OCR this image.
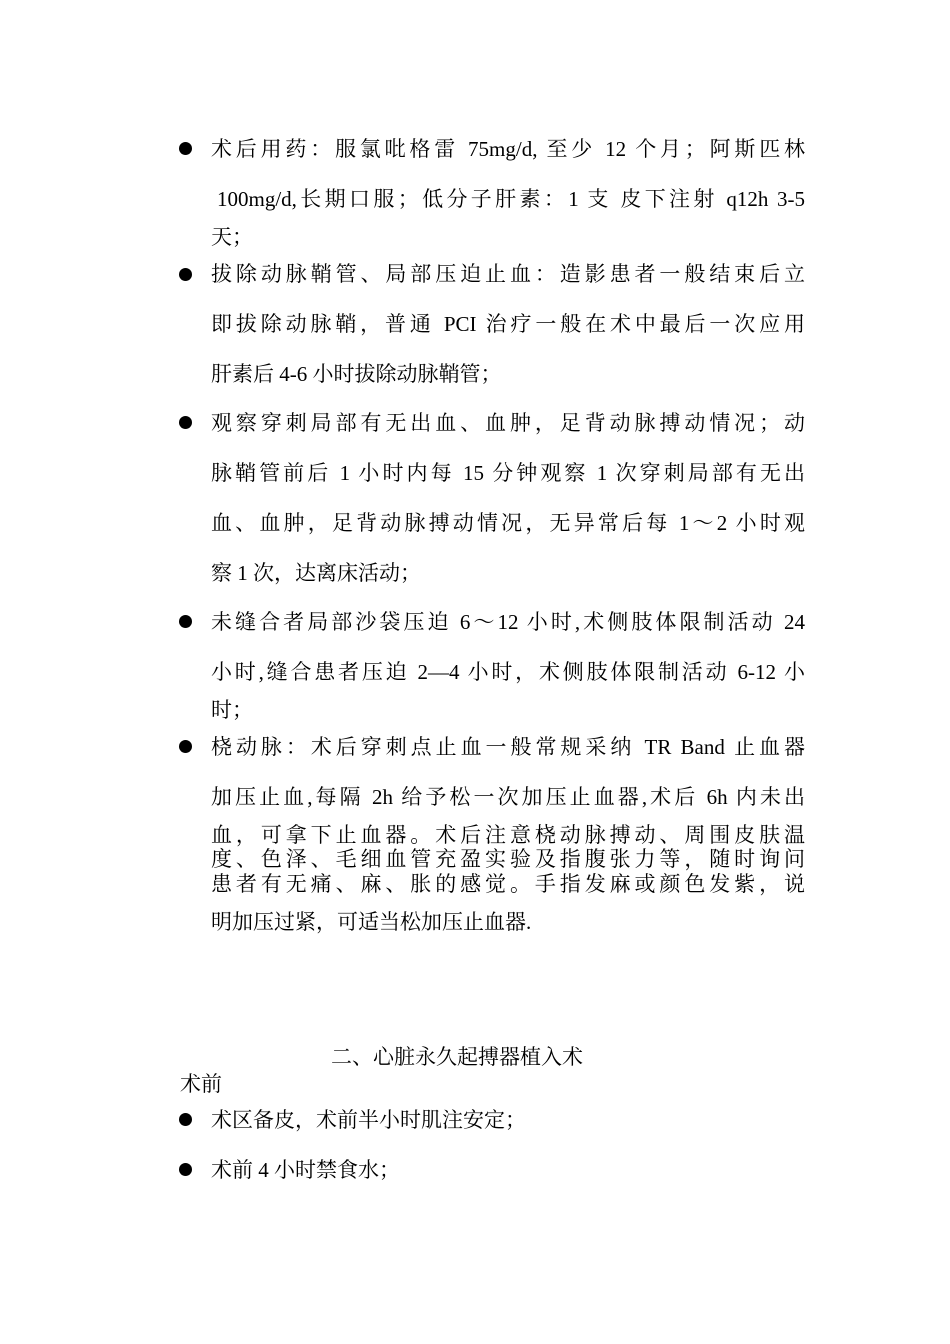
术后用药：服氯吡格雷 75mg/d, 至少 12 个月；阿斯匹林
100mg/d,长期口服；低分子肝素：1 支 皮下注射 q12h 3-5
天；
拔除动脉鞘管、局部压迫止血：造影患者一般结束后立
即拔除动脉鞘，普通 PCI 治疗一般在术中最后一次应用
肝素后 4-6 小时拔除动脉鞘管；
观察穿刺局部有无出血、血肿，足背动脉搏动情况；动
脉鞘管前后 1 小时内每 15 分钟观察 1 次穿刺局部有无出
血、血肿，足背动脉搏动情况，无异常后每 1～2 小时观
察 1 次，达离床活动；
未缝合者局部沙袋压迫 6～12 小时,术侧肢体限制活动 24
小时,缝合患者压迫 2—4 小时，术侧肢体限制活动 6-12 小
时；
桡动脉：术后穿刺点止血一般常规采纳 TR Band 止血器
加压止血,每隔 2h 给予松一次加压止血器,术后 6h 内未出
血，可拿下止血器。术后注意桡动脉搏动、周围皮肤温
度、色泽、毛细血管充盈实验及指腹张力等，随时询问
患者有无痛、麻、胀的感觉。手指发麻或颜色发紫，说
明加压过紧，可适当松加压止血器.
二、心脏永久起搏器植入术
术前
术区备皮，术前半小时肌注安定；
术前 4 小时禁食水；
